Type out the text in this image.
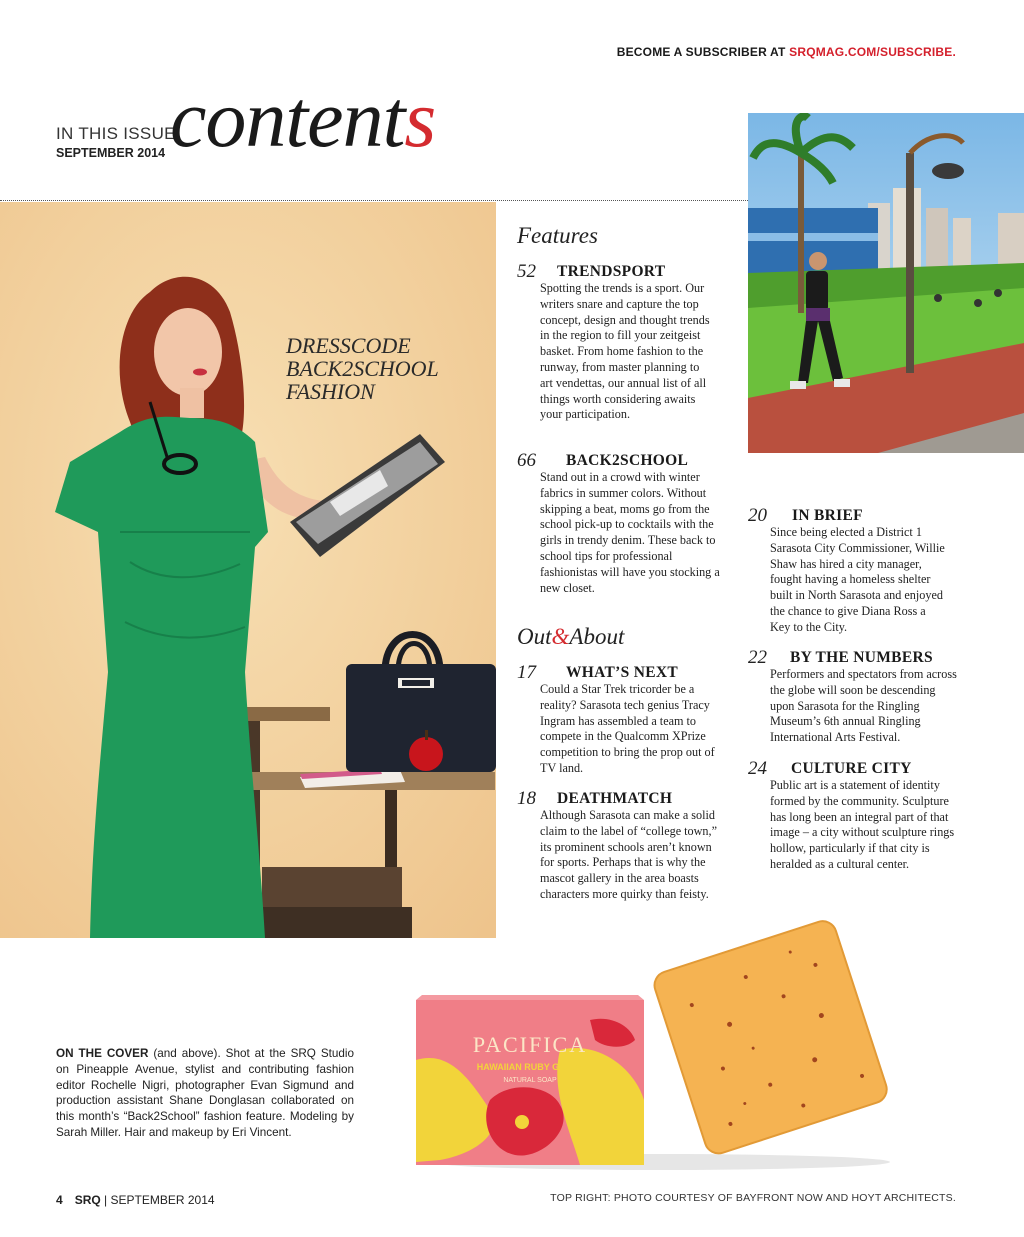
BECOME A SUBSCRIBER AT SRQMAG.COM/SUBSCRIBE.
IN THIS ISSUE
SEPTEMBER 2014 contents
DRESSCODE
BACK2SCHOOL
FASHION
Features
52 TRENDSPORT
Spotting the trends is a sport. Our writers snare and capture the top concept, design and thought trends in the region to fill your zeitgeist basket. From home fashion to the runway, from master planning to art vendettas, our annual list of all things worth considering awaits your participation.
66 BACK2SCHOOL
Stand out in a crowd with winter fabrics in summer colors. Without skipping a beat, moms go from the school pick-up to cocktails with the girls in trendy denim. These back to school tips for professional fashionistas will have you stocking a new closet.
Out&About
17 WHAT’S NEXT
Could a Star Trek tricorder be a reality? Sarasota tech genius Tracy Ingram has assembled a team to compete in the Qualcomm XPrize competition to bring the prop out of TV land.
18 DEATHMATCH
Although Sarasota can make a solid claim to the label of “college town,” its prominent schools aren’t known for sports. Perhaps that is why the mascot gallery in the area boasts characters more quirky than feisty.
20 IN BRIEF
Since being elected a District 1 Sarasota City Commissioner, Willie Shaw has hired a city manager, fought having a homeless shelter built in North Sarasota and enjoyed the chance to give Diana Ross a Key to the City.
22 BY THE NUMBERS
Performers and spectators from across the globe will soon be descending upon Sarasota for the Ringling Museum’s 6th annual Ringling International Arts Festival.
24 CULTURE CITY
Public art is a statement of identity formed by the community. Sculpture has long been an integral part of that image – a city without sculpture rings hollow, particularly if that city is heralded as a cultural center.
ON THE COVER (and above). Shot at the SRQ Studio on Pineapple Avenue, stylist and contributing fashion editor Rochelle Nigri, photographer Evan Sigmund and production assistant Shane Donglasan collaborated on this month’s “Back2School” fashion feature. Modeling by Sarah Miller. Hair and makeup by Eri Vincent.
PACIFICA
HAWAIIAN RUBY GUAVA
NATURAL SOAP
4 SRQ | SEPTEMBER 2014	TOP RIGHT: PHOTO COURTESY OF BAYFRONT NOW AND HOYT ARCHITECTS.
